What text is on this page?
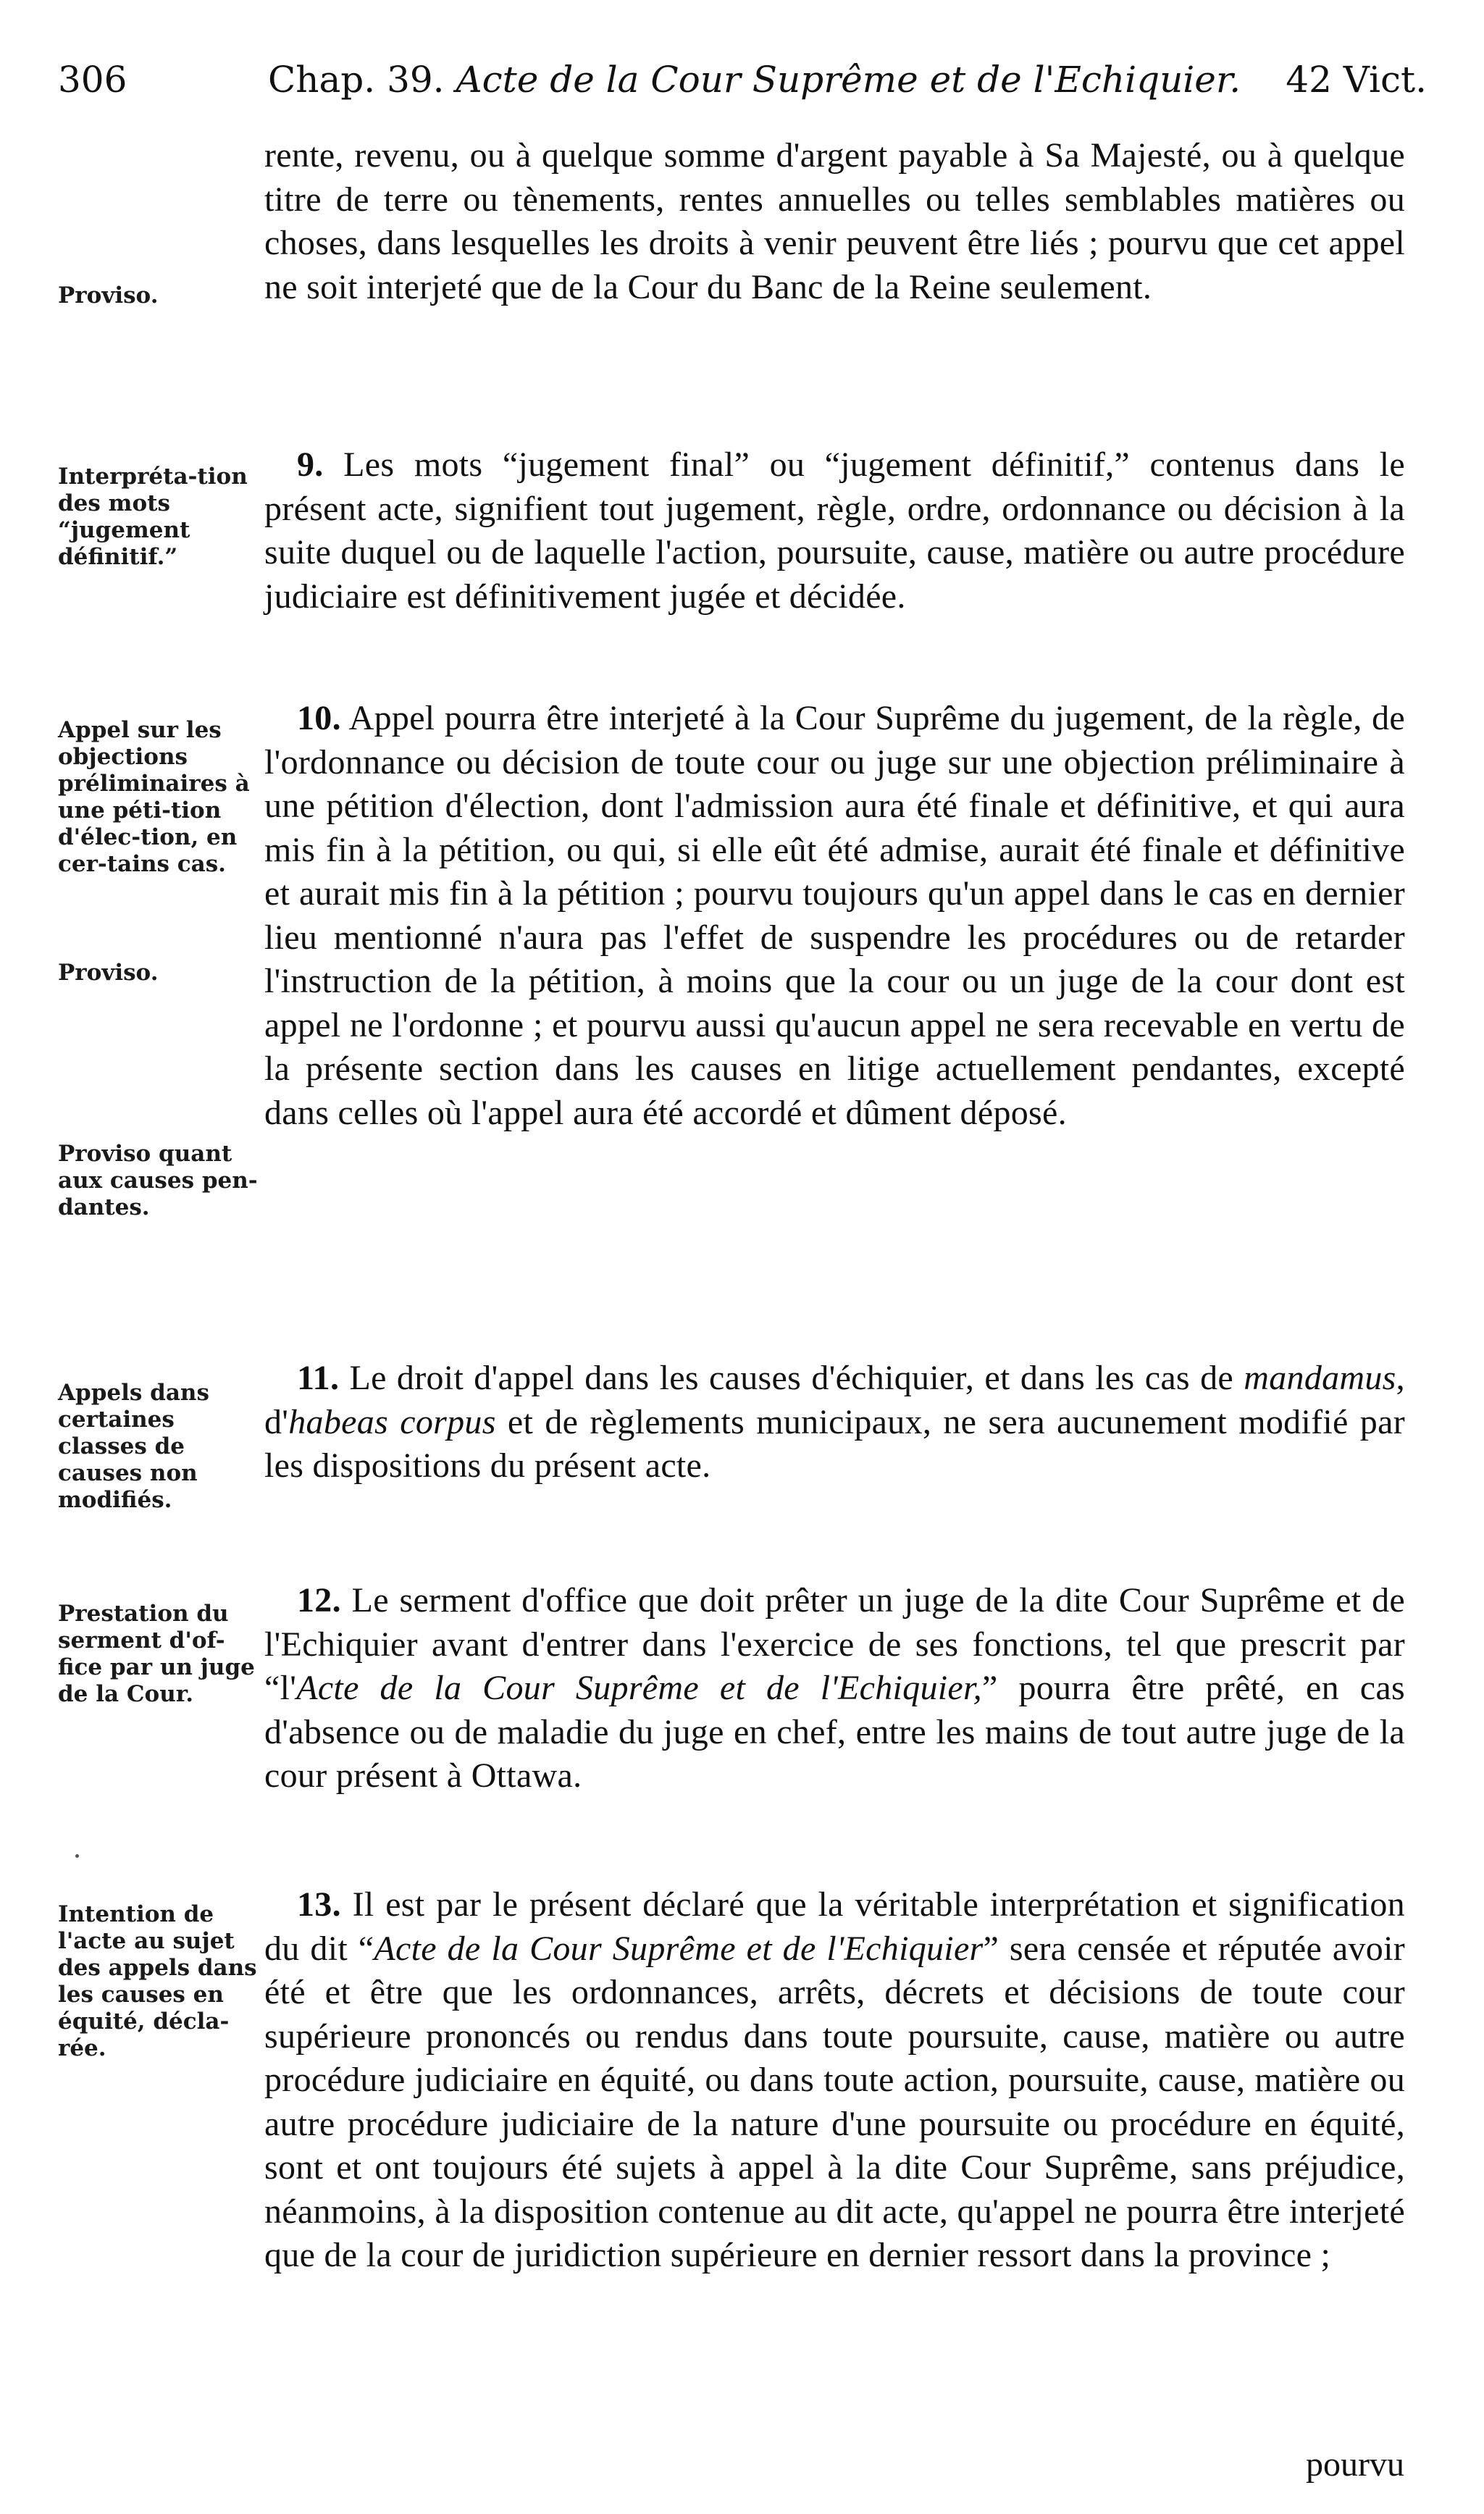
306	Chap. 39. Acte de la Cour Suprême et de l'Echiquier. 42 Vict.
rente, revenu, ou à quelque somme d'argent payable à Sa Majesté, ou à quelque titre de terre ou tènements, rentes annuelles ou telles semblables matières ou choses, dans lesquelles les droits à venir peuvent être liés ; pourvu que cet appel ne soit interjeté que de la Cour du Banc de la Reine seulement.
Proviso.
Interpréta-tion des mots “jugement définitif.”
9. Les mots “jugement final” ou “jugement définitif,” contenus dans le présent acte, signifient tout jugement, règle, ordre, ordonnance ou décision à la suite duquel ou de laquelle l'action, poursuite, cause, matière ou autre procédure judiciaire est définitivement jugée et décidée.
Appel sur les objections préliminaires à une péti-tion d'élec-tion, en cer-tains cas.
10. Appel pourra être interjeté à la Cour Suprême du jugement, de la règle, de l'ordonnance ou décision de toute cour ou juge sur une objection préliminaire à une pétition d'élection, dont l'admission aura été finale et définitive, et qui aura mis fin à la pétition, ou qui, si elle eût été admise, aurait été finale et définitive et aurait mis fin à la pétition ; pourvu toujours qu'un appel dans le cas en dernier lieu mentionné n'aura pas l'effet de suspendre les procédures ou de retarder l'instruction de la pétition, à moins que la cour ou un juge de la cour dont est appel ne l'ordonne ; et pourvu aussi qu'aucun appel ne sera recevable en vertu de la présente section dans les causes en litige actuellement pendantes, excepté dans celles où l'appel aura été accordé et dûment déposé.
Proviso.
Proviso quant aux causes pen-dantes.
Appels dans certaines classes de causes non modifiés.
11. Le droit d'appel dans les causes d'échiquier, et dans les cas de mandamus, d'habeas corpus et de règlements municipaux, ne sera aucunement modifié par les dispositions du présent acte.
Prestation du serment d'of-fice par un juge de la Cour.
12. Le serment d'office que doit prêter un juge de la dite Cour Suprême et de l'Echiquier avant d'entrer dans l'exercice de ses fonctions, tel que prescrit par “l'Acte de la Cour Suprême et de l'Echiquier,” pourra être prêté, en cas d'absence ou de maladie du juge en chef, entre les mains de tout autre juge de la cour présent à Ottawa.
Intention de l'acte au sujet des appels dans les causes en équité, décla-rée.
13. Il est par le présent déclaré que la véritable interprétation et signification du dit “Acte de la Cour Suprême et de l'Echiquier” sera censée et réputée avoir été et être que les ordonnances, arrêts, décrets et décisions de toute cour supérieure prononcés ou rendus dans toute poursuite, cause, matière ou autre procédure judiciaire en équité, ou dans toute action, poursuite, cause, matière ou autre procédure judiciaire de la nature d'une poursuite ou procédure en équité, sont et ont toujours été sujets à appel à la dite Cour Suprême, sans préjudice, néanmoins, à la disposition contenue au dit acte, qu'appel ne pourra être interjeté que de la cour de juridiction supérieure en dernier ressort dans la province ;
pourvu
